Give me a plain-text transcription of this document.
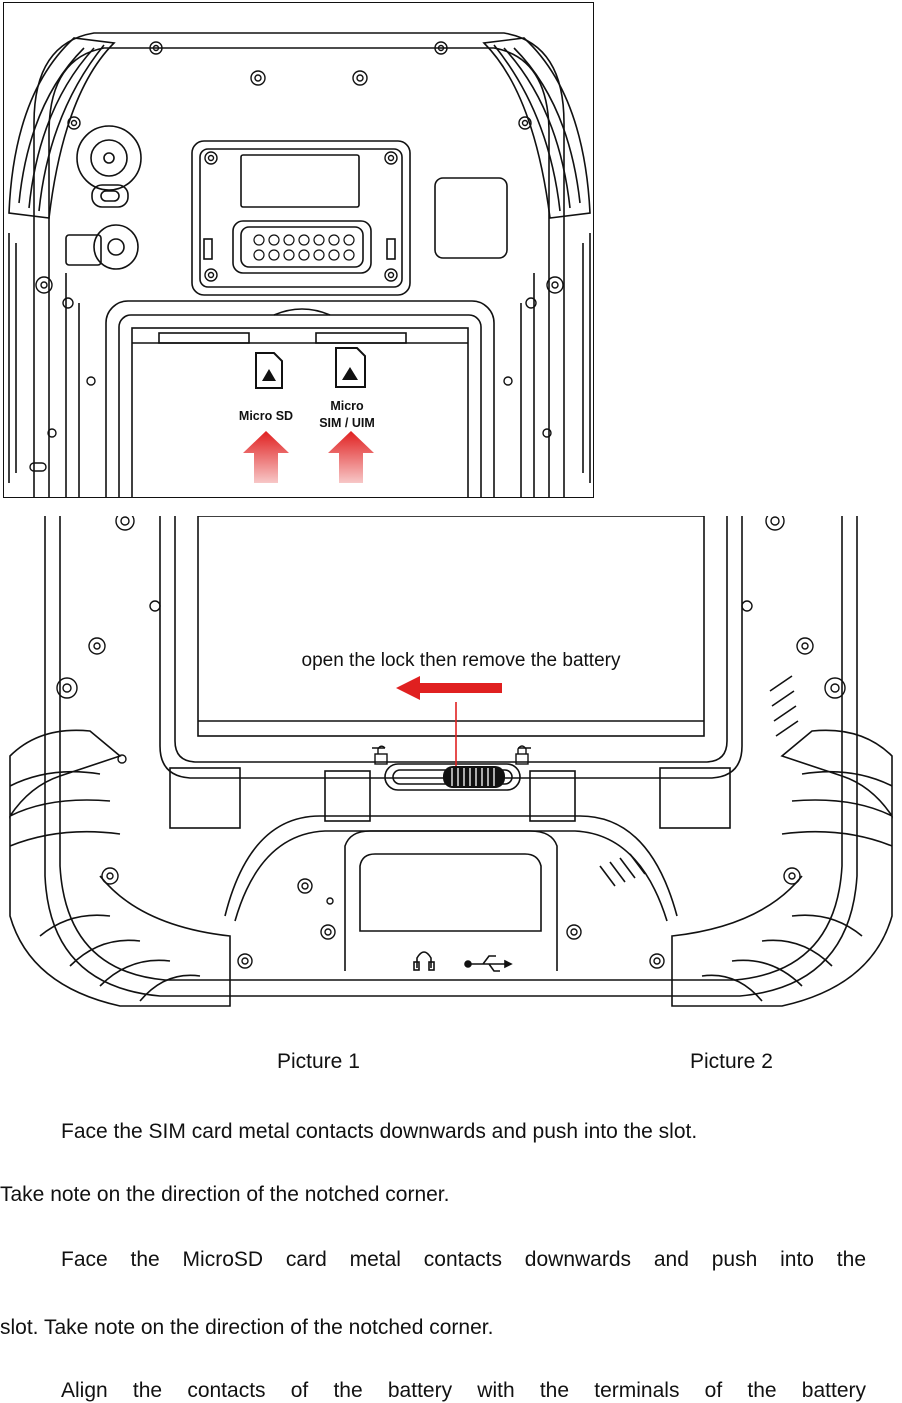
Micro SD
Micro
SIM / UIM
open the lock then remove the battery
Picture 1	Picture 2
Face the SIM card metal contacts downwards and push into the slot.
Take note on the direction of the notched corner.
Face the MicroSD card metal contacts downwards and push into the
slot. Take note on the direction of the notched corner.
Align the contacts of the battery with the terminals of the battery
